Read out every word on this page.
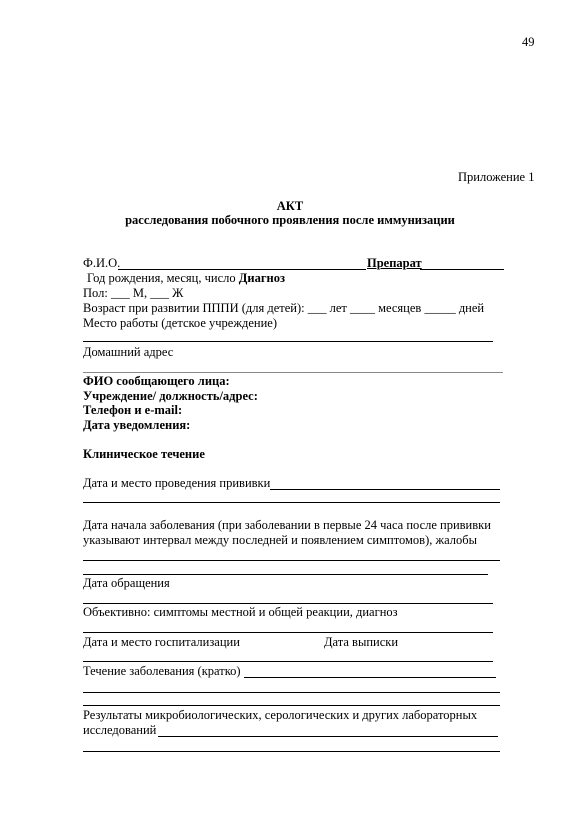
49
Приложение 1
АКТ
расследования побочного проявления после иммунизации
Ф.И.О.	Препарат
Год рождения, месяц, число Диагноз
Пол: ___ М, ___ Ж
Возраст при развитии ПППИ (для детей): ___ лет ____ месяцев _____ дней
Место работы (детское учреждение)
Домашний адрес
ФИО сообщающего лица:
Учреждение/ должность/адрес:
Телефон и e-mail:
Дата уведомления:
Клиническое течение
Дата и место проведения прививки
Дата начала заболевания (при заболевании в первые 24 часа после прививки
указывают интервал между последней и появлением симптомов), жалобы
Дата обращения
Объективно: симптомы местной и общей реакции, диагноз
Дата и место госпитализации	Дата выписки
Течение заболевания (кратко)
Результаты микробиологических, серологических и других лабораторных
исследований
